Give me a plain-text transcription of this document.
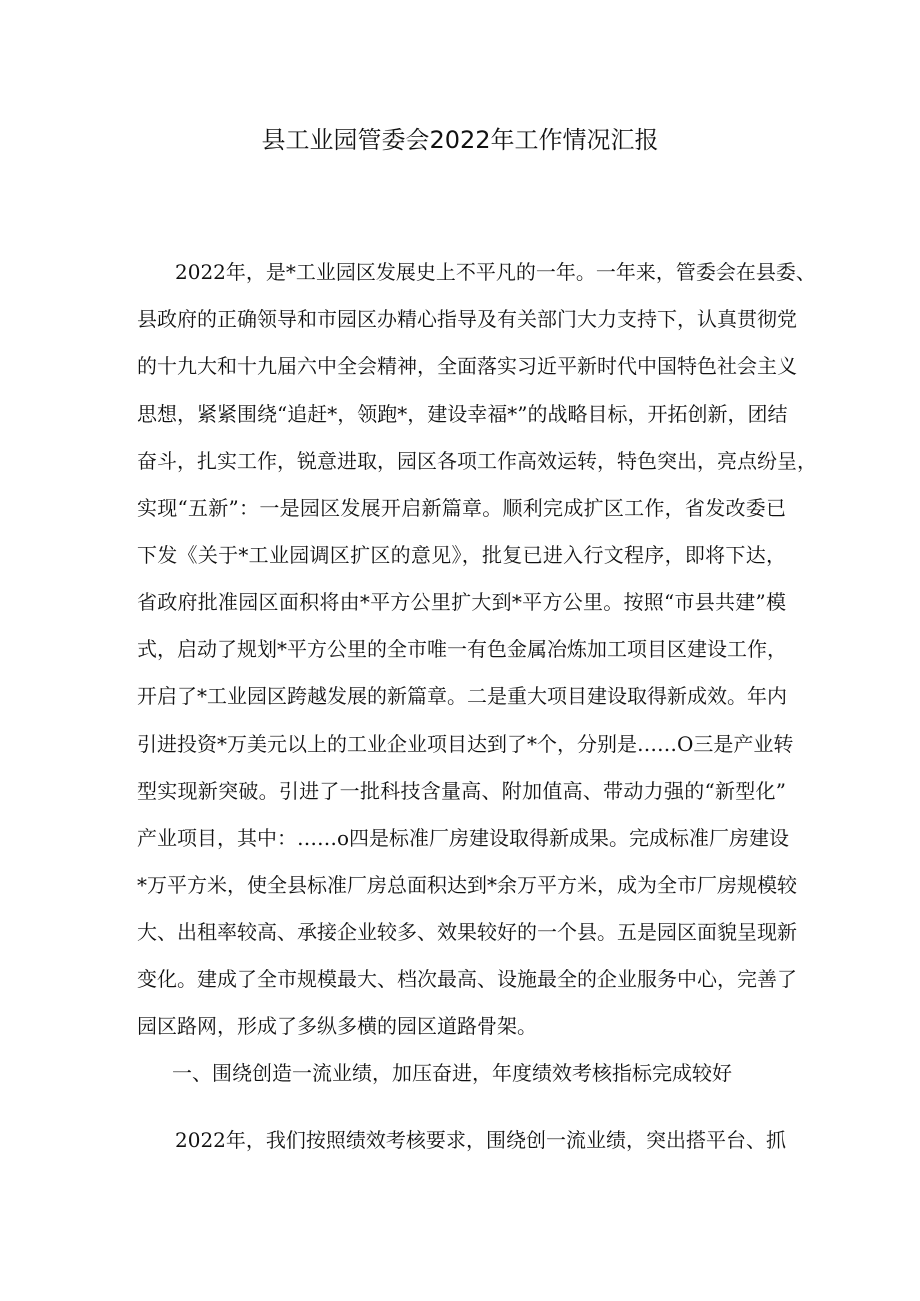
县工业园管委会2022年工作情况汇报
2022年，是*工业园区发展史上不平凡的一年。一年来，管委会在县委、
县政府的正确领导和市园区办精心指导及有关部门大力支持下，认真贯彻党
的十九大和十九届六中全会精神，全面落实习近平新时代中国特色社会主义
思想，紧紧围绕“追赶*，领跑*，建设幸福*”的战略目标，开拓创新，团结
奋斗，扎实工作，锐意进取，园区各项工作高效运转，特色突出，亮点纷呈，
实现“五新”：一是园区发展开启新篇章。顺利完成扩区工作，省发改委已
下发《关于*工业园调区扩区的意见》，批复已进入行文程序，即将下达，
省政府批准园区面积将由*平方公里扩大到*平方公里。按照“市县共建”模
式，启动了规划*平方公里的全市唯一有色金属冶炼加工项目区建设工作，
开启了*工业园区跨越发展的新篇章。二是重大项目建设取得新成效。年内
引进投资*万美元以上的工业企业项目达到了*个，分别是……O三是产业转
型实现新突破。引进了一批科技含量高、附加值高、带动力强的“新型化”
产业项目，其中：……o四是标准厂房建设取得新成果。完成标准厂房建设
*万平方米，使全县标准厂房总面积达到*余万平方米，成为全市厂房规模较
大、出租率较高、承接企业较多、效果较好的一个县。五是园区面貌呈现新
变化。建成了全市规模最大、档次最高、设施最全的企业服务中心，完善了
园区路网，形成了多纵多横的园区道路骨架。
一、围绕创造一流业绩，加压奋进，年度绩效考核指标完成较好
2022年，我们按照绩效考核要求，围绕创一流业绩，突出搭平台、抓
